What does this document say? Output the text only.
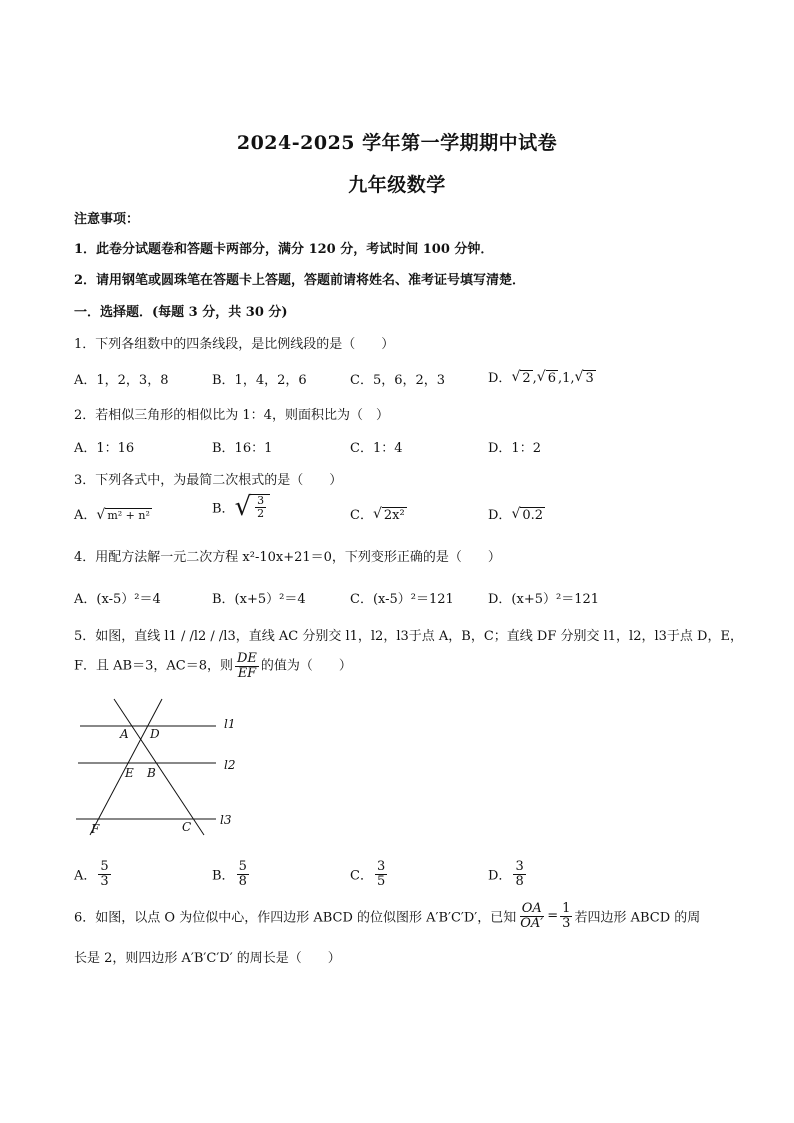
2024-2025 学年第一学期期中试卷
九年级数学
注意事项：
1．此卷分试题卷和答题卡两部分，满分 120 分，考试时间 100 分钟．
2．请用钢笔或圆珠笔在答题卡上答题，答题前请将姓名、准考证号填写清楚．
一．选择题．(每题 3 分，共 30 分)
1．下列各组数中的四条线段，是比例线段的是（　　）
A．1，2，3，8	B．1，4，2，6	C．5，6，2，3	D． √ 2 , √ 6 ,1, √ 3
2．若相似三角形的相似比为 1：4，则面积比为（　）
A．1：16	B．16：1	C．1：4	D．1：2
3．下列各式中，为最简二次根式的是（　　）
A． √ m² + n²	B． √ $\frac{3}{2}$	C． √ 2x²	D． √ 0.2
4．用配方法解一元二次方程 x²-10x+21＝0，下列变形正确的是（　　）
A．(x-5）²＝4	B．(x+5）²＝4	C．(x-5）²＝121	D．(x+5）²＝121
5．如图，直线 l1 / /l2 / /l3，直线 AC 分别交 l1，l2，l3于点 A，B，C；直线 DF 分别交 l1，l2，l3于点 D，E，
F．且 AB＝3，AC＝8，则 $\frac{DE}{EF}$ 的值为（　　）
l1
l2
l3
A D
E B
F	C
A． $\frac{5}{3}$	B． $\frac{5}{8}$	C． $\frac{3}{5}$	D． $\frac{3}{8}$
6．如图，以点 O 为位似中心，作四边形 ABCD 的位似图形 A′B′C′D′，已知 $\frac{OA}{OA'} = \frac{1}{3}$ 若四边形 ABCD 的周
长是 2，则四边形 A′B′C′D′ 的周长是（　　）
